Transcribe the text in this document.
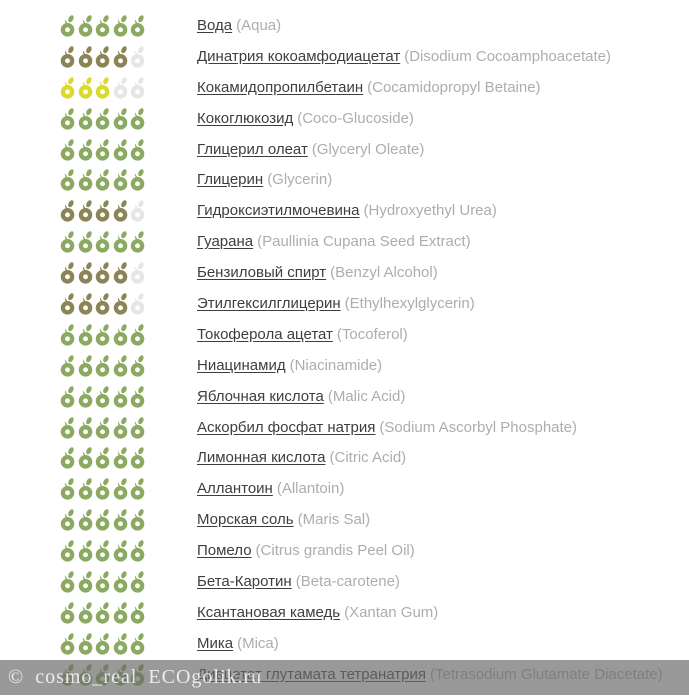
Вода (Aqua)
Динатрия кокоамфодиацетат (Disodium Cocoamphoacetate)
Кокамидопропилбетаин (Cocamidopropyl Betaine)
Кокоглюкозид (Coco-Glucoside)
Глицерил олеат (Glyceryl Oleate)
Глицерин (Glycerin)
Гидроксиэтилмочевина (Hydroxyethyl Urea)
Гуарана (Paullinia Cupana Seed Extract)
Бензиловый спирт (Benzyl Alcohol)
Этилгексилглицерин (Ethylhexylglycerin)
Токоферола ацетат (Tocoferol)
Ниацинамид (Niacinamide)
Яблочная кислота (Malic Acid)
Аскорбил фосфат натрия (Sodium Ascorbyl Phosphate)
Лимонная кислота (Citric Acid)
Аллантоин (Allantoin)
Морская соль (Maris Sal)
Помело (Citrus grandis Peel Oil)
Бета-Каротин (Beta-carotene)
Ксантановая камедь (Xantan Gum)
Мика (Mica)
© cosmo_real ECOgolik.ru
